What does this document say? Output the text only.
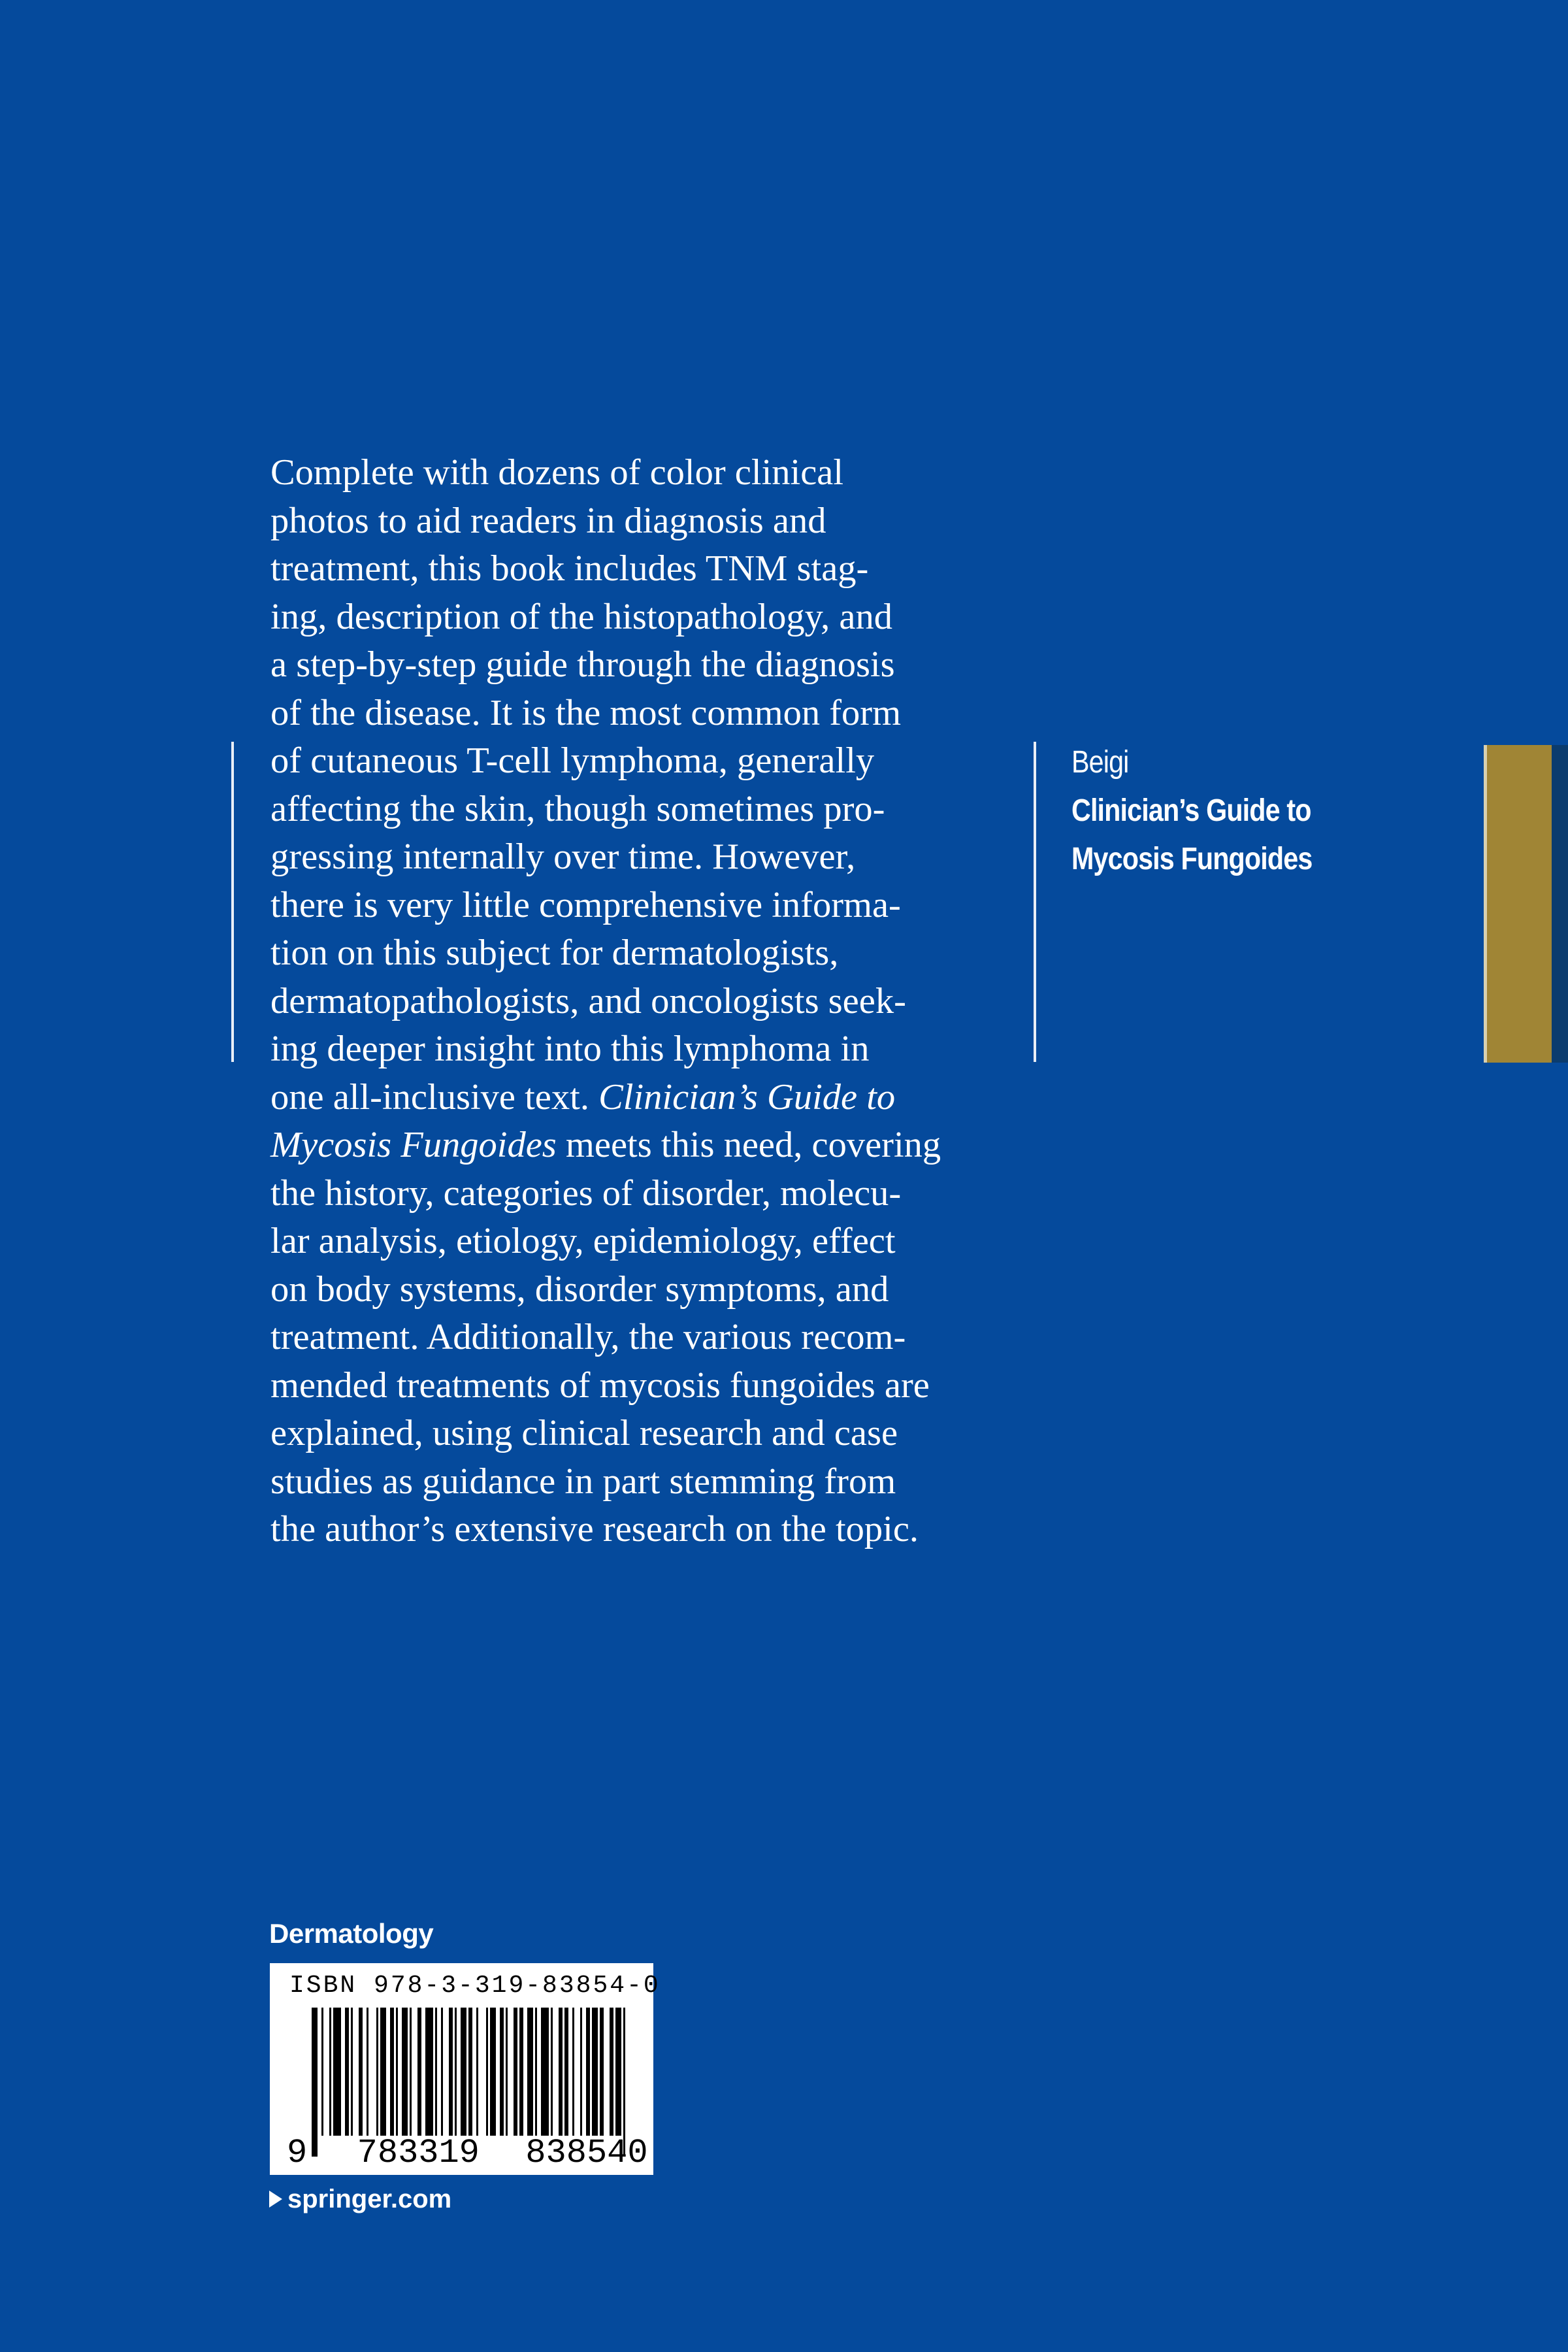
Complete with dozens of color clinical
photos to aid readers in diagnosis and
treatment, this book includes TNM stag-
ing, description of the histopathology, and
a step-by-step guide through the diagnosis
of the disease. It is the most common form
of cutaneous T-cell lymphoma, generally
affecting the skin, though sometimes pro-
gressing internally over time. However,
there is very little comprehensive informa-
tion on this subject for dermatologists,
dermatopathologists, and oncologists seek-
ing deeper insight into this lymphoma in
one all-inclusive text. Clinician’s Guide to
Mycosis Fungoides meets this need, covering
the history, categories of disorder, molecu-
lar analysis, etiology, epidemiology, effect
on body systems, disorder symptoms, and
treatment. Additionally, the various recom-
mended treatments of mycosis fungoides are
explained, using clinical research and case
studies as guidance in part stemming from
the author’s extensive research on the topic.
Beigi
Clinician’s Guide to
Mycosis Fungoides
Dermatology
ISBN 978-3-319-83854-0
9 783319 838540
springer.com
